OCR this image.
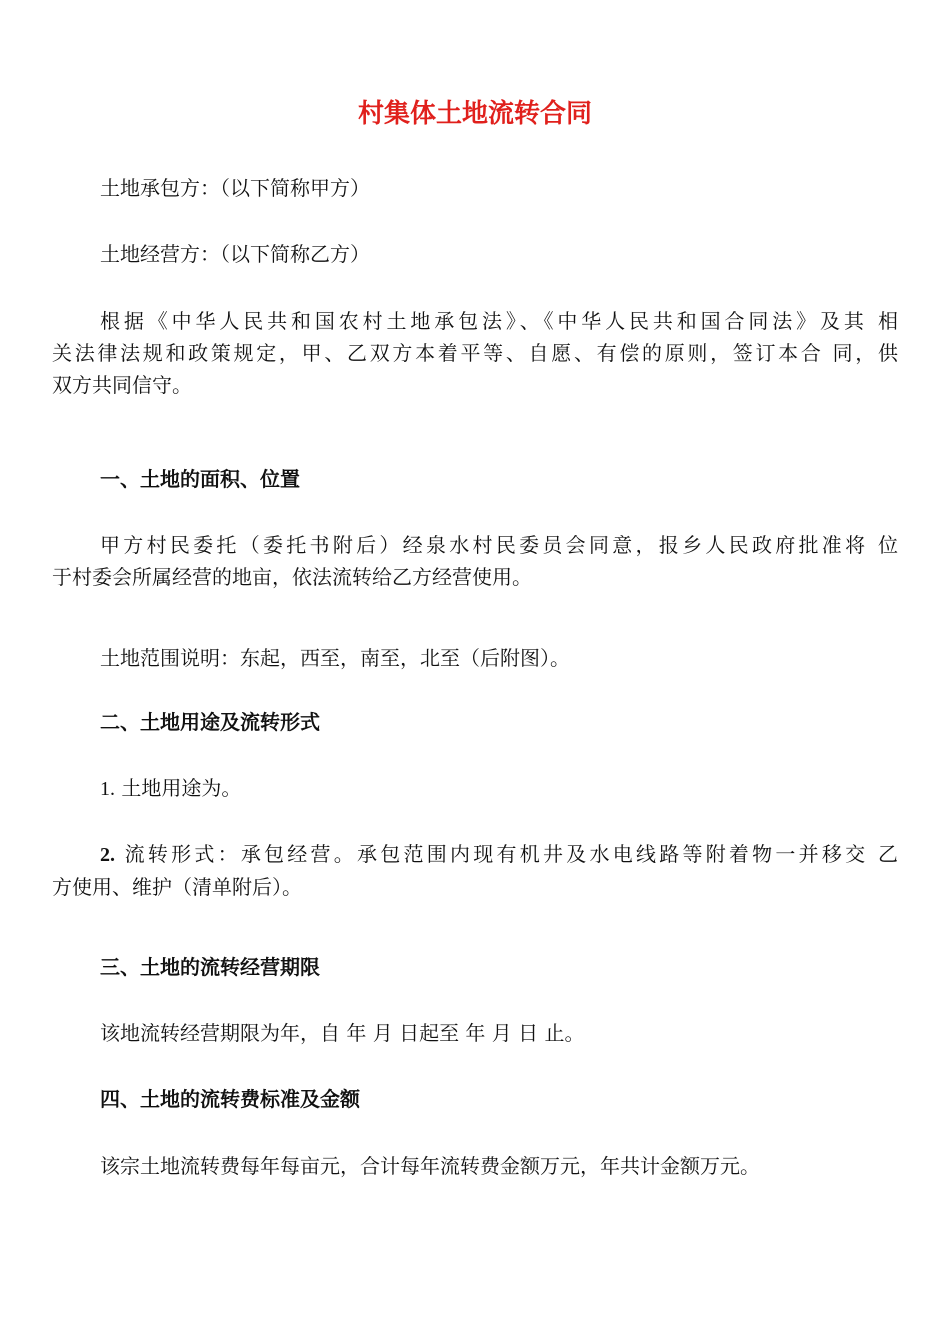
村集体土地流转合同

土地承包方：（以下简称甲方）

土地经营方：（以下简称乙方）

根据《中华人民共和国农村土地承包法》、《中华人民共和国合同法》及其 相
关法律法规和政策规定，甲、乙双方本着平等、自愿、有偿的原则，签订本合 同，供
双方共同信守。

一、土地的面积、位置

甲方村民委托（委托书附后）经泉水村民委员会同意，报乡人民政府批准将 位
于村委会所属经营的地亩，依法流转给乙方经营使用。

土地范围说明：东起，西至，南至，北至（后附图）。

二、土地用途及流转形式

1. 土地用途为。

2. 流转形式：承包经营。承包范围内现有机井及水电线路等附着物一并移交 乙
方使用、维护（清单附后）。

三、土地的流转经营期限

该地流转经营期限为年，自 年 月 日起至 年 月 日 止。

四、土地的流转费标准及金额

该宗土地流转费每年每亩元，合计每年流转费金额万元，年共计金额万元。
